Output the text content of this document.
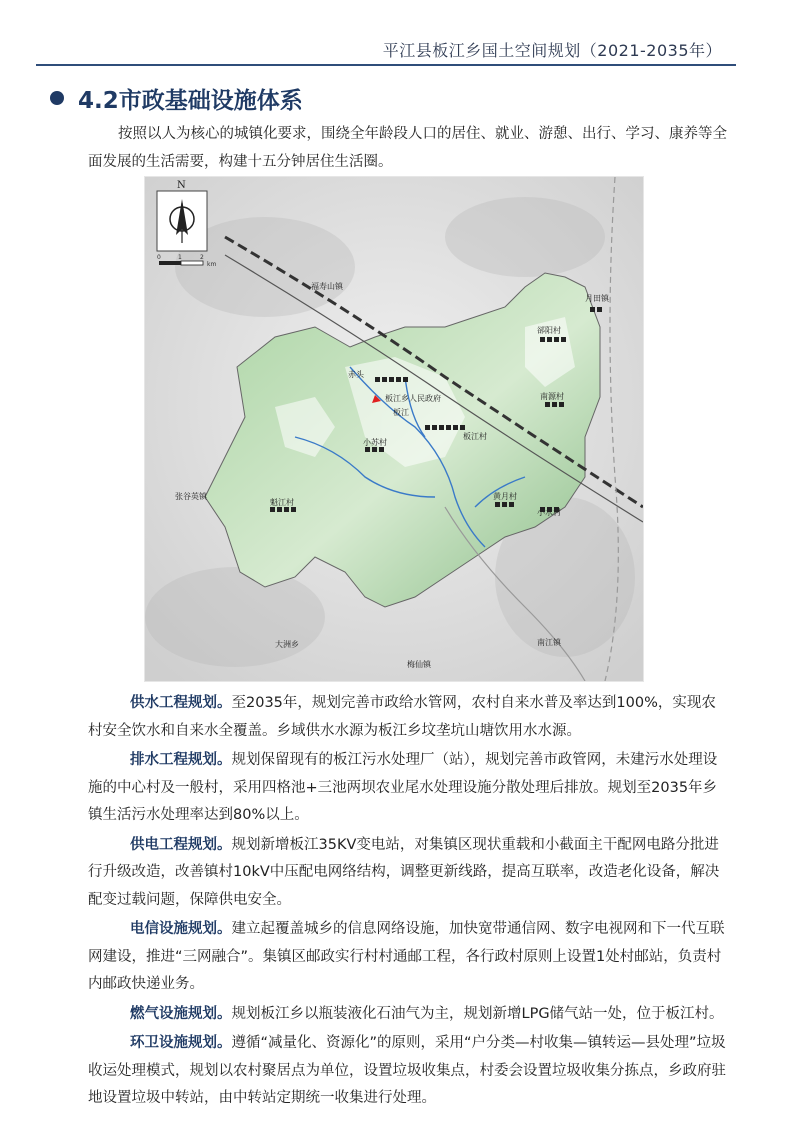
平江县板江乡国土空间规划（2021-2035年）
4.2市政基础设施体系
按照以人为核心的城镇化要求，围绕全年龄段人口的居住、就业、游憩、出行、学习、康养等全面发展的生活需要，构建十五分钟居住生活圈。
N
0	1	2
km
板江乡人民政府
板江
板江村
赤头
小苏村
魁江村
黄月村
小水村
南源村
郤阳村
月田镇
福寿山镇
张谷英镇
大洲乡
梅仙镇
南江镇

供水工程规划。至2035年，规划完善市政给水管网，农村自来水普及率达到100%，实现农村安全饮水和自来水全覆盖。乡域供水水源为板江乡坟垄坑山塘饮用水水源。

排水工程规划。规划保留现有的板江污水处理厂（站），规划完善市政管网，未建污水处理设施的中心村及一般村，采用四格池+三池两坝农业尾水处理设施分散处理后排放。规划至2035年乡镇生活污水处理率达到80%以上。

供电工程规划。规划新增板江35KV变电站，对集镇区现状重载和小截面主干配网电路分批进行升级改造，改善镇村10kV中压配电网络结构，调整更新线路，提高互联率，改造老化设备，解决配变过载问题，保障供电安全。

电信设施规划。建立起覆盖城乡的信息网络设施，加快宽带通信网、数字电视网和下一代互联网建设，推进“三网融合”。集镇区邮政实行村村通邮工程，各行政村原则上设置1处村邮站，负责村内邮政快递业务。

燃气设施规划。规划板江乡以瓶装液化石油气为主，规划新增LPG储气站一处，位于板江村。

环卫设施规划。遵循“减量化、资源化”的原则，采用“户分类—村收集—镇转运—县处理”垃圾收运处理模式，规划以农村聚居点为单位，设置垃圾收集点，村委会设置垃圾收集分拣点，乡政府驻地设置垃圾中转站，由中转站定期统一收集进行处理。
